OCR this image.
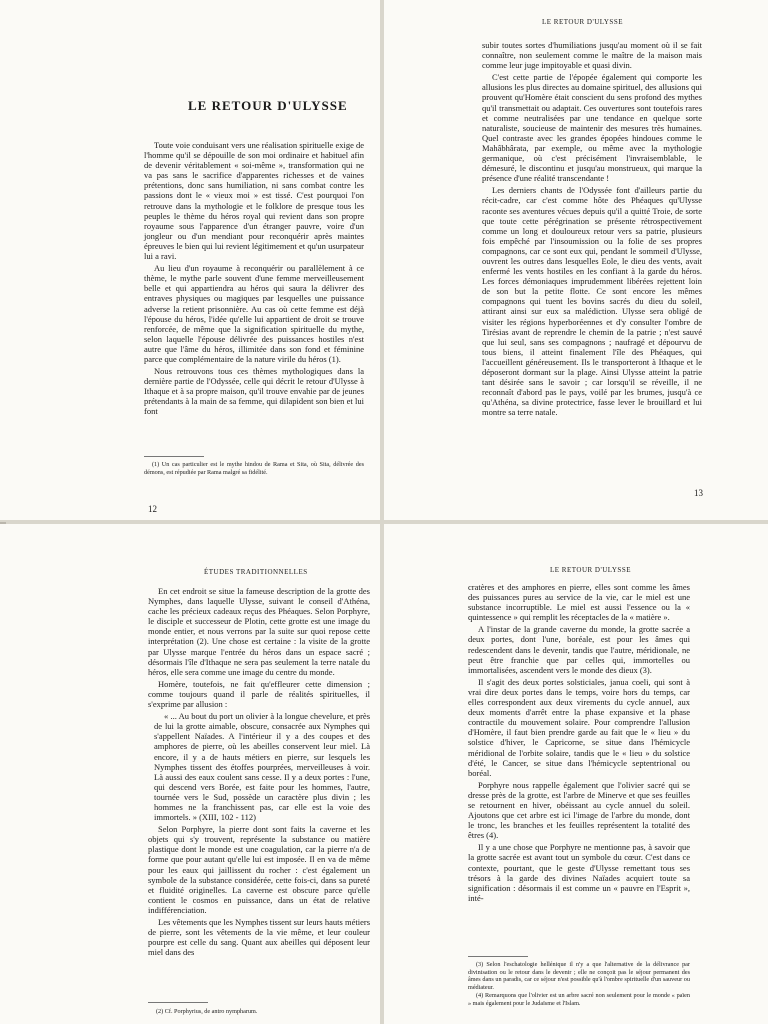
LE RETOUR D'ULYSSE

Toute voie conduisant vers une réalisation spirituelle exige de l'homme qu'il se dépouille de son moi ordinaire et habituel afin de devenir véritablement « soi-même », transformation qui ne va pas sans le sacrifice d'apparentes richesses et de vaines prétentions, donc sans humiliation, ni sans combat contre les passions dont le « vieux moi » est tissé. C'est pourquoi l'on retrouve dans la mythologie et le folklore de presque tous les peuples le thème du héros royal qui revient dans son propre royaume sous l'apparence d'un étranger pauvre, voire d'un jongleur ou d'un mendiant pour reconquérir après maintes épreuves le bien qui lui revient légitimement et qu'un usurpateur lui a ravi.

Au lieu d'un royaume à reconquérir ou parallèlement à ce thème, le mythe parle souvent d'une femme merveilleusement belle et qui appartiendra au héros qui saura la délivrer des entraves physiques ou magiques par lesquelles une puissance adverse la retient prisonnière. Au cas où cette femme est déjà l'épouse du héros, l'idée qu'elle lui appartient de droit se trouve renforcée, de même que la signification spirituelle du mythe, selon laquelle l'épouse délivrée des puissances hostiles n'est autre que l'âme du héros, illimitée dans son fond et féminine parce que complémentaire de la nature virile du héros (1).

Nous retrouvons tous ces thèmes mythologiques dans la dernière partie de l'Odyssée, celle qui décrit le retour d'Ulysse à Ithaque et à sa propre maison, qu'il trouve envahie par de jeunes prétendants à la main de sa femme, qui dilapident son bien et lui font

(1) Un cas particulier est le mythe hindou de Rama et Sita, où Sita, délivrée des démons, est répudiée par Rama malgré sa fidélité.

12
LE RETOUR D'ULYSSE

subir toutes sortes d'humiliations jusqu'au moment où il se fait connaître, non seulement comme le maître de la maison mais comme leur juge impitoyable et quasi divin.

C'est cette partie de l'épopée également qui comporte les allusions les plus directes au domaine spirituel, des allusions qui prouvent qu'Homère était conscient du sens profond des mythes qu'il transmettait ou adaptait. Ces ouvertures sont toutefois rares et comme neutralisées par une tendance en quelque sorte naturaliste, soucieuse de maintenir des mesures très humaines. Quel contraste avec les grandes épopées hindoues comme le Mahâbhârata, par exemple, ou même avec la mythologie germanique, où c'est précisément l'invraisemblable, le démesuré, le discontinu et jusqu'au monstrueux, qui marque la présence d'une réalité transcendante !

Les derniers chants de l'Odyssée font d'ailleurs partie du récit-cadre, car c'est comme hôte des Phéaques qu'Ulysse raconte ses aventures vécues depuis qu'il a quitté Troie, de sorte que toute cette pérégrination se présente rétrospectivement comme un long et douloureux retour vers sa patrie, plusieurs fois empêché par l'insoumission ou la folie de ses propres compagnons, car ce sont eux qui, pendant le sommeil d'Ulysse, ouvrent les outres dans lesquelles Eole, le dieu des vents, avait enfermé les vents hostiles en les confiant à la garde du héros. Les forces démoniaques imprudemment libérées rejettent loin de son but la petite flotte. Ce sont encore les mêmes compagnons qui tuent les bovins sacrés du dieu du soleil, attirant ainsi sur eux sa malédiction. Ulysse sera obligé de visiter les régions hyperboréennes et d'y consulter l'ombre de Tirésias avant de reprendre le chemin de la patrie ; n'est sauvé que lui seul, sans ses compagnons ; naufragé et dépourvu de tous biens, il atteint finalement l'île des Phéaques, qui l'accueillent généreusement. Ils le transporteront à Ithaque et le déposeront dormant sur la plage. Ainsi Ulysse atteint la patrie tant désirée sans le savoir ; car lorsqu'il se réveille, il ne reconnaît d'abord pas le pays, voilé par les brumes, jusqu'à ce qu'Athéna, sa divine protectrice, fasse lever le brouillard et lui montre sa terre natale.

13
ÉTUDES TRADITIONNELLES

En cet endroit se situe la fameuse description de la grotte des Nymphes, dans laquelle Ulysse, suivant le conseil d'Athéna, cache les précieux cadeaux reçus des Phéaques. Selon Porphyre, le disciple et successeur de Plotin, cette grotte est une image du monde entier, et nous verrons par la suite sur quoi repose cette interprétation (2). Une chose est certaine : la visite de la grotte par Ulysse marque l'entrée du héros dans un espace sacré ; désormais l'île d'Ithaque ne sera pas seulement la terre natale du héros, elle sera comme une image du centre du monde.

Homère, toutefois, ne fait qu'effleurer cette dimension ; comme toujours quand il parle de réalités spirituelles, il s'exprime par allusion :

« ... Au bout du port un olivier à la longue chevelure, et près de lui la grotte aimable, obscure, consacrée aux Nymphes qui s'appellent Naïades. A l'intérieur il y a des coupes et des amphores de pierre, où les abeilles conservent leur miel. Là encore, il y a de hauts métiers en pierre, sur lesquels les Nymphes tissent des étoffes pourprées, merveilleuses à voir. Là aussi des eaux coulent sans cesse. Il y a deux portes : l'une, qui descend vers Borée, est faite pour les hommes, l'autre, tournée vers le Sud, possède un caractère plus divin ; les hommes ne la franchissent pas, car elle est la voie des immortels. » (XIII, 102 - 112)

Selon Porphyre, la pierre dont sont faits la caverne et les objets qui s'y trouvent, représente la substance ou matière plastique dont le monde est une coagulation, car la pierre n'a de forme que pour autant qu'elle lui est imposée. Il en va de même pour les eaux qui jaillissent du rocher : c'est également un symbole de la substance considérée, cette fois-ci, dans sa pureté et fluidité originelles. La caverne est obscure parce qu'elle contient le cosmos en puissance, dans un état de relative indifférenciation.

Les vêtements que les Nymphes tissent sur leurs hauts métiers de pierre, sont les vêtements de la vie même, et leur couleur pourpre est celle du sang. Quant aux abeilles qui déposent leur miel dans des

(2) Cf. Porphyrius, de antro nympharum.

LE RETOUR D'ULYSSE

cratères et des amphores en pierre, elles sont comme les âmes des puissances pures au service de la vie, car le miel est une substance incorruptible. Le miel est aussi l'essence ou la « quintessence » qui remplit les réceptacles de la « matière ».

A l'instar de la grande caverne du monde, la grotte sacrée a deux portes, dont l'une, boréale, est pour les âmes qui redescendent dans le devenir, tandis que l'autre, méridionale, ne peut être franchie que par celles qui, immortelles ou immortalisées, ascendent vers le monde des dieux (3).

Il s'agit des deux portes solsticiales, janua coeli, qui sont à vrai dire deux portes dans le temps, voire hors du temps, car elles correspondent aux deux virements du cycle annuel, aux deux moments d'arrêt entre la phase expansive et la phase contractile du mouvement solaire. Pour comprendre l'allusion d'Homère, il faut bien prendre garde au fait que le « lieu » du solstice d'hiver, le Capricorne, se situe dans l'hémicycle méridional de l'orbite solaire, tandis que le « lieu » du solstice d'été, le Cancer, se situe dans l'hémicycle septentrional ou boréal.

Porphyre nous rappelle également que l'olivier sacré qui se dresse près de la grotte, est l'arbre de Minerve et que ses feuilles se retournent en hiver, obéissant au cycle annuel du soleil. Ajoutons que cet arbre est ici l'image de l'arbre du monde, dont le tronc, les branches et les feuilles représentent la totalité des êtres (4).

Il y a une chose que Porphyre ne mentionne pas, à savoir que la grotte sacrée est avant tout un symbole du cœur. C'est dans ce contexte, pourtant, que le geste d'Ulysse remettant tous ses trésors à la garde des divines Naïades acquiert toute sa signification : désormais il est comme un « pauvre en l'Esprit », inté-

(3) Selon l'eschatologie hellénique il n'y a que l'alternative de la délivrance par divinisation ou le retour dans le devenir ; elle ne conçoit pas le séjour permanent des âmes dans un paradis, car ce séjour n'est possible qu'à l'ombre spirituelle d'un sauveur ou médiateur.

(4) Remarquons que l'olivier est un arbre sacré non seulement pour le monde « païen » mais également pour le Judaïsme et l'Islam.
